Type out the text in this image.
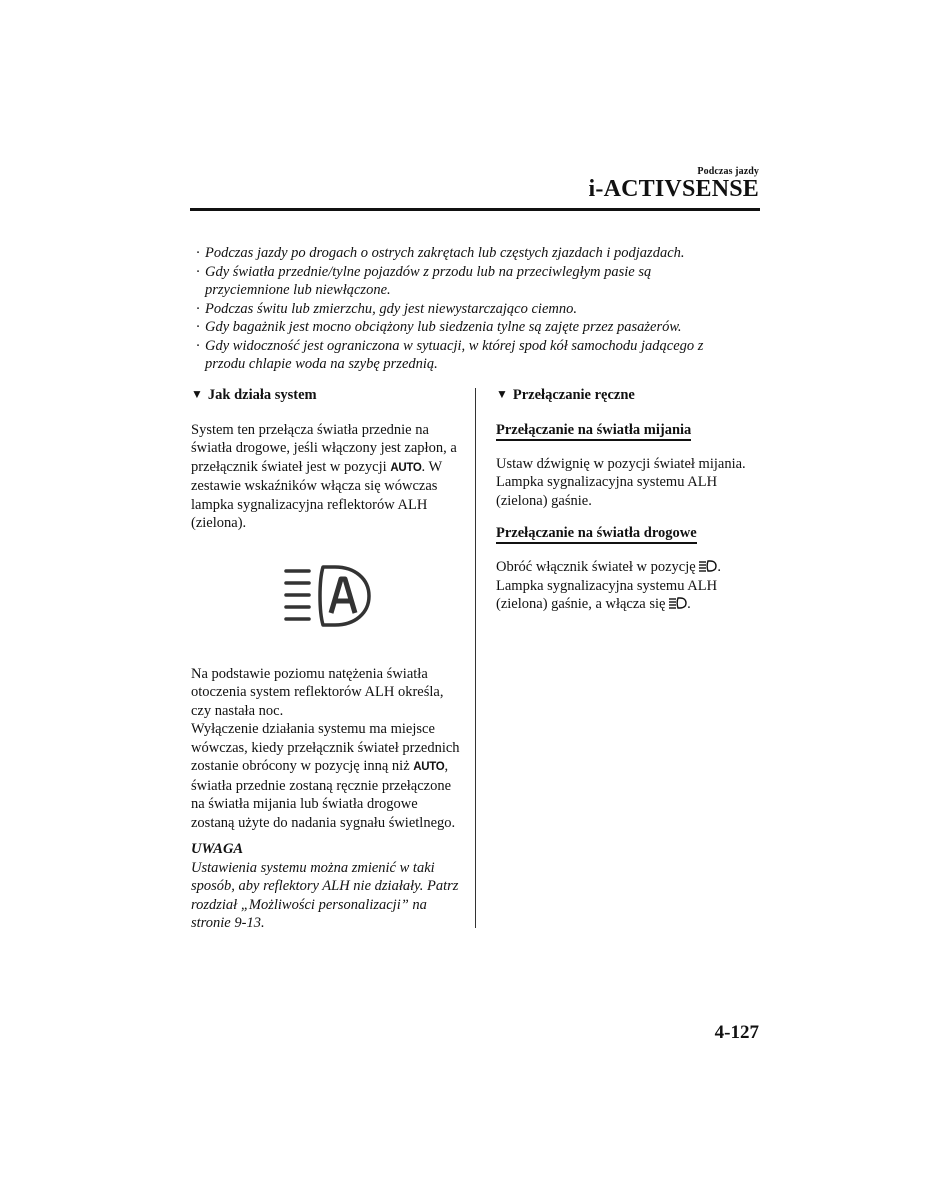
Podczas jazdy
i-ACTIVSENSE

· Podczas jazdy po drogach o ostrych zakrętach lub częstych zjazdach i podjazdach.

· Gdy światła przednie/tylne pojazdów z przodu lub na przeciwległym pasie są przyciemnione lub niewłączone.

· Podczas świtu lub zmierzchu, gdy jest niewystarczająco ciemno.

· Gdy bagażnik jest mocno obciążony lub siedzenia tylne są zajęte przez pasażerów.

· Gdy widoczność jest ograniczona w sytuacji, w której spod kół samochodu jadącego z przodu chlapie woda na szybę przednią.

▼ Jak działa system

System ten przełącza światła przednie na światła drogowe, jeśli włączony jest zapłon, a przełącznik świateł jest w pozycji AUTO. W zestawie wskaźników włącza się wówczas lampka sygnalizacyjna reflektorów ALH (zielona).

Na podstawie poziomu natężenia światła otoczenia system reflektorów ALH określa, czy nastała noc.

Wyłączenie działania systemu ma miejsce wówczas, kiedy przełącznik świateł przednich zostanie obrócony w pozycję inną niż AUTO, światła przednie zostaną ręcznie przełączone na światła mijania lub światła drogowe zostaną użyte do nadania sygnału świetlnego.

UWAGA

Ustawienia systemu można zmienić w taki sposób, aby reflektory ALH nie działały. Patrz rozdział „Możliwości personalizacji” na stronie 9-13.

▼ Przełączanie ręczne
Przełączanie na światła mijania

Ustaw dźwignię w pozycji świateł mijania. Lampka sygnalizacyjna systemu ALH (zielona) gaśnie.

Przełączanie na światła drogowe

Obróć włącznik świateł w pozycję . Lampka sygnalizacyjna systemu ALH (zielona) gaśnie, a włącza się .

4-127
